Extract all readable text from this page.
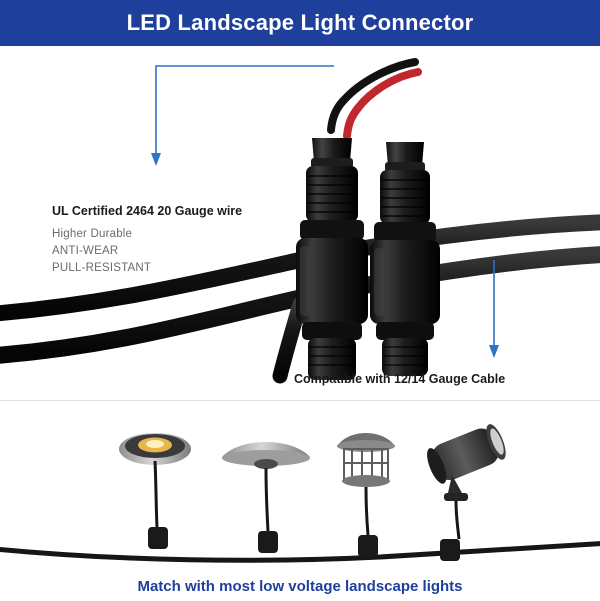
LED Landscape Light Connector
UL Certified 2464 20 Gauge wire
Higher Durable
ANTI-WEAR
PULL-RESISTANT
Compatible with 12/14 Gauge Cable
Match with most low voltage landscape lights
